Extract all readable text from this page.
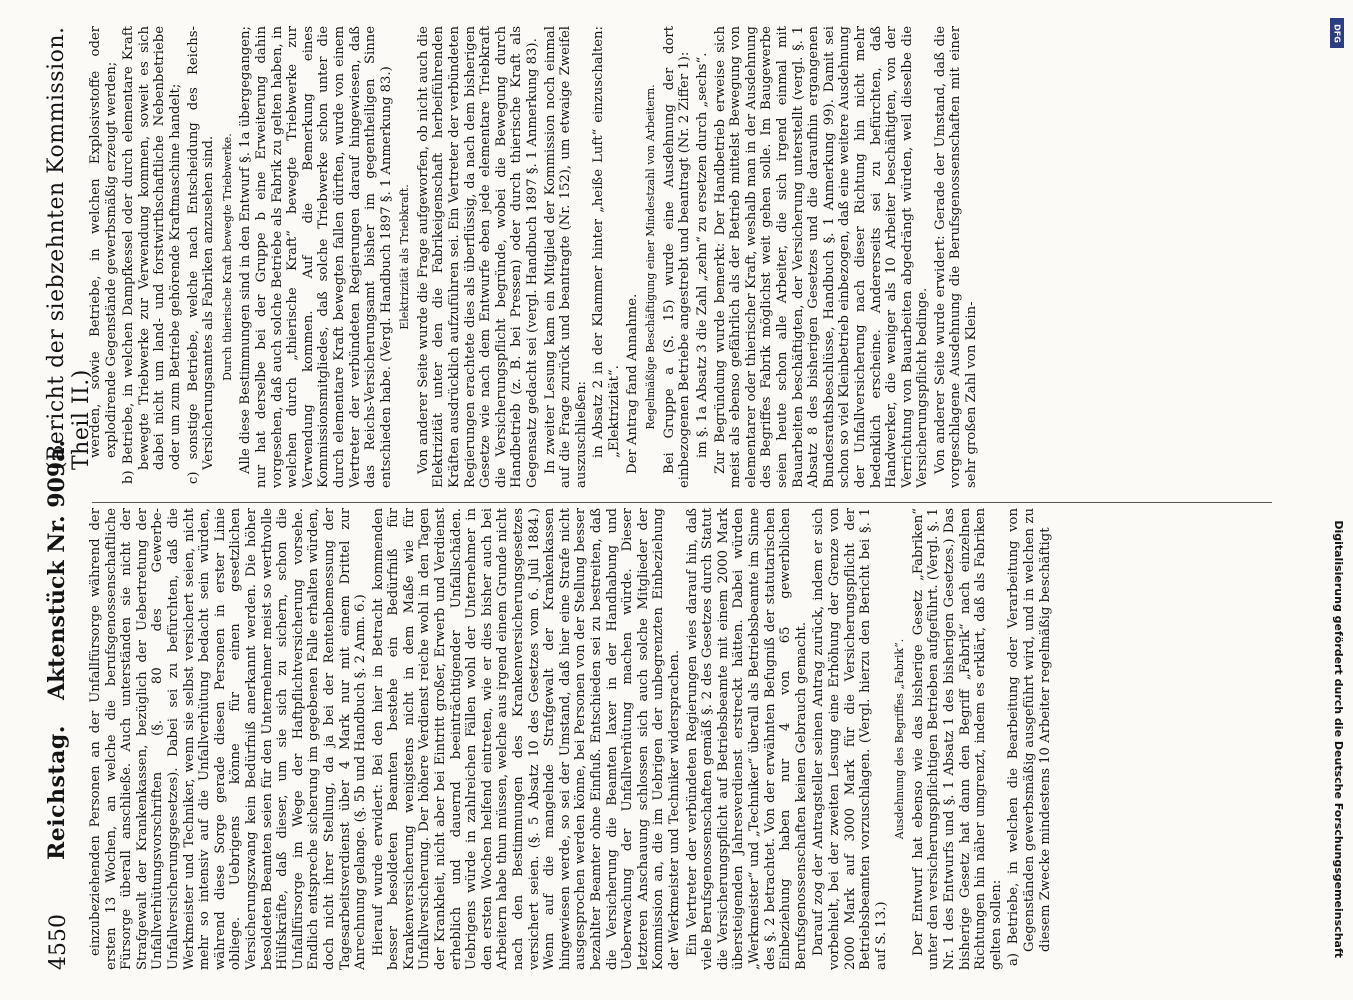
4550
Reichstag.
Aktenstück Nr. 909a.
(Bericht der siebzehnten Kommission. Theil II.)

einzubeziehenden Personen an der Unfallfürsorge während der ersten 13 Wochen, an welche die berufsgenossenschaftliche Fürsorge überall anschließe. Auch unterständen sie nicht der Strafgewalt der Krankenkassen, bezüglich der Uebertretung der Unfallverhütungsvorschriften (§. 80 des Gewerbe-Unfallversicherungsgesetzes). Dabei sei zu befürchten, daß die Werkmeister und Techniker, wenn sie selbst versichert seien, nicht mehr so intensiv auf die Unfallverhütung bedacht sein würden, während diese Sorge gerade diesen Personen in erster Linie obliege. Uebrigens könne für einen gesetzlichen Versicherungszwang kein Bedürfniß anerkannt werden. Die höher besoldeten Beamten seien für den Unternehmer meist so werthvolle Hülfskräfte, daß dieser, um sie sich zu sichern, schon die Unfallfürsorge im Wege der Haftpflichtversicherung vorsehe. Endlich entspreche sicherung im gegebenen Falle erhalten würden, doch nicht ihrer Stellung, da ja bei der Rentenbemessung der Tagesarbeitsverdienst über 4 Mark nur mit einem Drittel zur Anrechnung gelange. (§. 5b und Handbuch §. 2 Anm. 6.) Hierauf wurde erwidert: Bei den hier in Betracht kommenden besser besoldeten Beamten bestehe ein Bedürfniß für Krankenversicherung wenigstens nicht in dem Maße wie für Unfallversicherung. Der höhere Verdienst reiche wohl in den Tagen der Krankheit, nicht aber bei Eintritt großer, Erwerb und Verdienst erheblich und dauernd beeinträchtigender Unfallschäden. Uebrigens würde in zahlreichen Fällen wohl der Unternehmer in den ersten Wochen helfend eintreten, wie er dies bisher auch bei Arbeitern habe thun müssen, welche aus irgend einem Grunde nicht nach den Bestimmungen des Krankenversicherungsgesetzes versichert seien. (§. 5 Absatz 10 des Gesetzes vom 6. Juli 1884.) Wenn auf die mangelnde Strafgewalt der Krankenkassen hingewiesen werde, so sei der Umstand, daß hier eine Strafe nicht ausgesprochen werden könne, bei Personen von der Stellung besser bezahlter Beamter ohne Einfluß. Entschieden sei zu bestreiten, daß die Versicherung die Beamten laxer in der Handhabung und Ueberwachung der Unfallverhütung machen würde. Dieser letzteren Anschauung schlossen sich auch solche Mitglieder der Kommission an, die im Uebrigen der unbegrenzten Einbeziehung der Werkmeister und Techniker widersprachen. Ein Vertreter der verbündeten Regierungen wies darauf hin, daß viele Berufsgenossenschaften gemäß §. 2 des Gesetzes durch Statut die Versicherungspflicht auf Betriebsbeamte mit einem 2000 Mark übersteigenden Jahresverdienst erstreckt hätten. Dabei würden „Werkmeister“ und „Techniker“ überall als Betriebsbeamte im Sinne des §. 2 betrachtet. Von der erwähnten Befugniß der statutarischen Einbeziehung haben nur 4 von 65 gewerblichen Berufsgenossenschaften keinen Gebrauch gemacht. Darauf zog der Antragsteller seinen Antrag zurück, indem er sich vorbehielt, bei der zweiten Lesung eine Erhöhung der Grenze von 2000 Mark auf 3000 Mark für die Versicherungspflicht der Betriebsbeamten vorzuschlagen. (Vergl. hierzu den Bericht bei §. 1 auf S. 13.)

Ausdehnung des Begriffes „Fabrik“. Der Entwurf hat ebenso wie das bisherige Gesetz „Fabriken“ unter den versicherungspflichtigen Betrieben aufgeführt. (Vergl. §. 1 Nr. 1 des Entwurfs und §. 1 Absatz 1 des bisherigen Gesetzes.) Das bisherige Gesetz hat dann den Begriff „Fabrik“ nach einzelnen Richtungen hin näher umgrenzt, indem es erklärt, daß als Fabriken gelten sollen: a) Betriebe, in welchen die Bearbeitung oder Verarbeitung von Gegenständen gewerbsmäßig ausgeführt wird, und in welchen zu diesem Zwecke mindestens 10 Arbeiter regelmäßig beschäftigt

werden, sowie Betriebe, in welchen Explosivstoffe oder explodirende Gegenstände gewerbsmäßig erzeugt werden; b) Betriebe, in welchen Dampfkessel oder durch elementare Kraft bewegte Triebwerke zur Verwendung kommen, soweit es sich dabei nicht um land- und forstwirthschaftliche Nebenbetriebe oder um zum Betriebe gehörende Kraftmaschine handelt; c) sonstige Betriebe, welche nach Entscheidung des Reichs-Versicherungsamtes als Fabriken anzusehen sind. Durch thierische Kraft bewegte Triebwerke. Alle diese Bestimmungen sind in den Entwurf §. 1a übergegangen; nur hat derselbe bei der Gruppe b eine Erweiterung dahin vorgesehen, daß auch solche Betriebe als Fabrik zu gelten haben, in welchen durch „thierische Kraft“ bewegte Triebwerke zur Verwendung kommen. Auf die Bemerkung eines Kommissionsmitgliedes, daß solche Triebwerke schon unter die durch elementare Kraft bewegten fallen dürften, wurde von einem Vertreter der verbündeten Regierungen darauf hingewiesen, daß das Reichs-Versicherungsamt bisher im gegentheiligen Sinne entschieden habe. (Vergl. Handbuch 1897 §. 1 Anmerkung 83.) Elektrizität als Triebkraft. Von anderer Seite wurde die Frage aufgeworfen, ob nicht auch die Elektrizität unter den die Fabrikeigenschaft herbeiführenden Kräften ausdrücklich aufzuführen sei. Ein Vertreter der verbündeten Regierungen erachtete dies als überflüssig, da nach dem bisherigen Gesetze wie nach dem Entwurfe eben jede elementare Triebkraft die Versicherungspflicht begründe, wobei die Bewegung durch Handbetrieb (z. B. bei Pressen) oder durch thierische Kraft als Gegensatz gedacht sei (vergl. Handbuch 1897 §. 1 Anmerkung 83). In zweiter Lesung kam ein Mitglied der Kommission noch einmal auf die Frage zurück und beantragte (Nr. 152), um etwaige Zweifel auszuschließen: in Absatz 2 in der Klammer hinter „heiße Luft“ einzuschalten: „Elektrizität“. Der Antrag fand Annahme. Regelmäßige Beschäftigung einer Mindestzahl von Arbeitern. Bei Gruppe a (S. 15) wurde eine Ausdehnung der dort einbezogenen Betriebe angestrebt und beantragt (Nr. 2 Ziffer 1): im §. 1a Absatz 3 die Zahl „zehn“ zu ersetzen durch „sechs“. Zur Begründung wurde bemerkt: Der Handbetrieb erweise sich meist als ebenso gefährlich als der Betrieb mittelst Bewegung von elementarer oder thierischer Kraft, weshalb man in der Ausdehnung des Begriffes Fabrik möglichst weit gehen solle. Im Baugewerbe seien heute schon alle Arbeiter, die sich irgend einmal mit Bauarbeiten beschäftigten, der Versicherung unterstellt (vergl. §. 1 Absatz 8 des bisherigen Gesetzes und die daraufhin ergangenen Bundesrathsbeschlüsse, Handbuch §. 1 Anmerkung 99). Damit sei schon so viel Kleinbetrieb einbezogen, daß eine weitere Ausdehnung der Unfallversicherung nach dieser Richtung hin nicht mehr bedenklich erscheine. Andererseits sei zu befürchten, daß Handwerker, die weniger als 10 Arbeiter beschäftigten, von der Verrichtung von Bauarbeiten abgedrängt würden, weil dieselbe die Versicherungspflicht bedinge. Von anderer Seite wurde erwidert: Gerade der Umstand, daß die vorgeschlagene Ausdehnung die Berufsgenossenschaften mit einer sehr großen Zahl von Klein-

DFG
Digitalisierung gefördert durch die Deutsche Forschungsgemeinschaft
